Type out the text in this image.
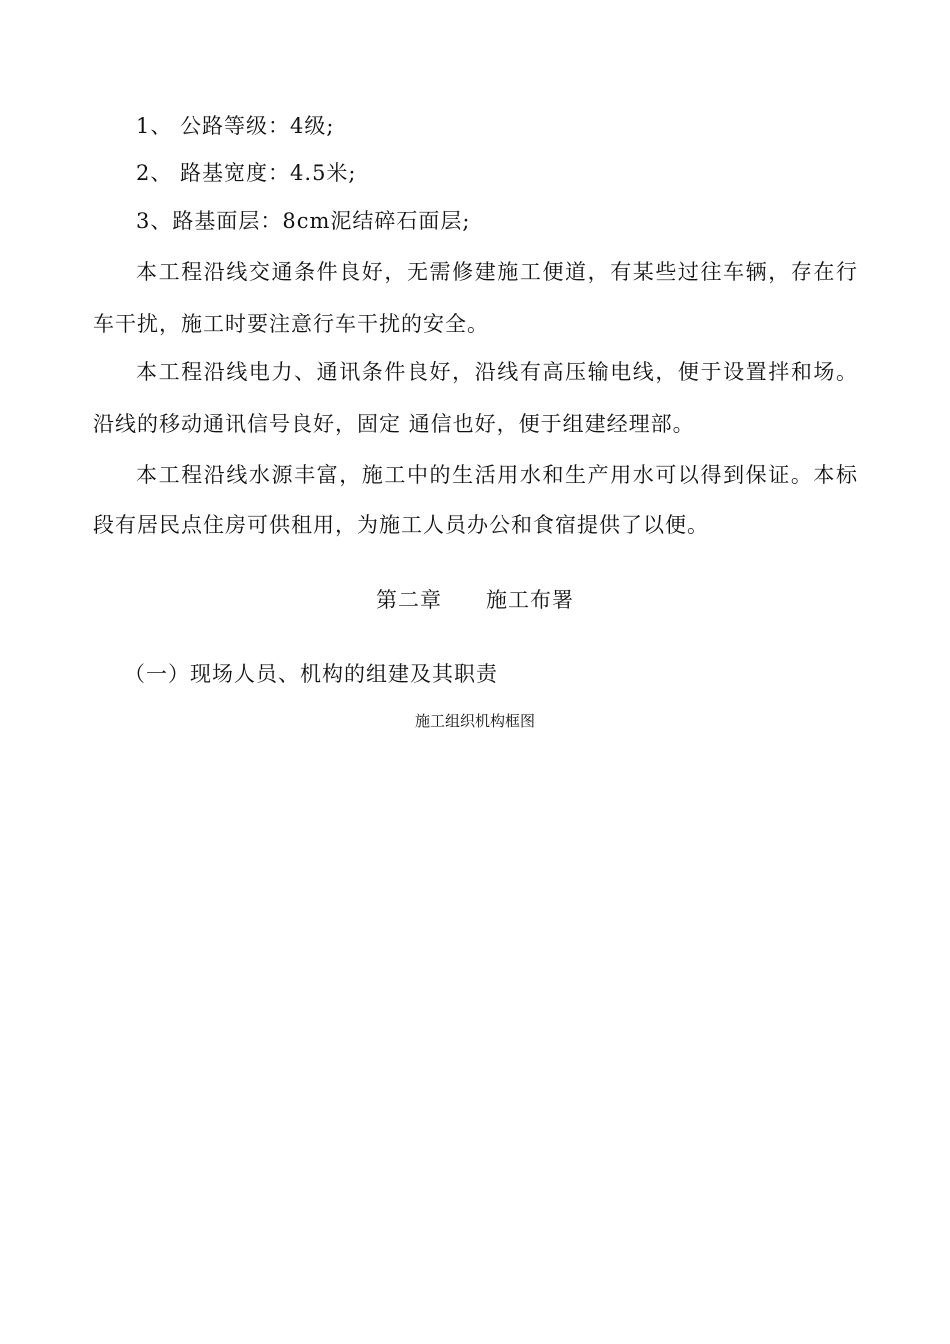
1、 公路等级：4级;
2、 路基宽度：4.5米;
3、路基面层：8cm泥结碎石面层;
本工程沿线交通条件良好，无需修建施工便道，有某些过往车辆，存在行
车干扰，施工时要注意行车干扰的安全。
本工程沿线电力、通讯条件良好，沿线有高压输电线，便于设置拌和场。
沿线的移动通讯信号良好，固定 通信也好，便于组建经理部。
本工程沿线水源丰富，施工中的生活用水和生产用水可以得到保证。本标
段有居民点住房可供租用，为施工人员办公和食宿提供了以便。
第二章 施工布署
（一）现场人员、机构的组建及其职责
施工组织机构框图
